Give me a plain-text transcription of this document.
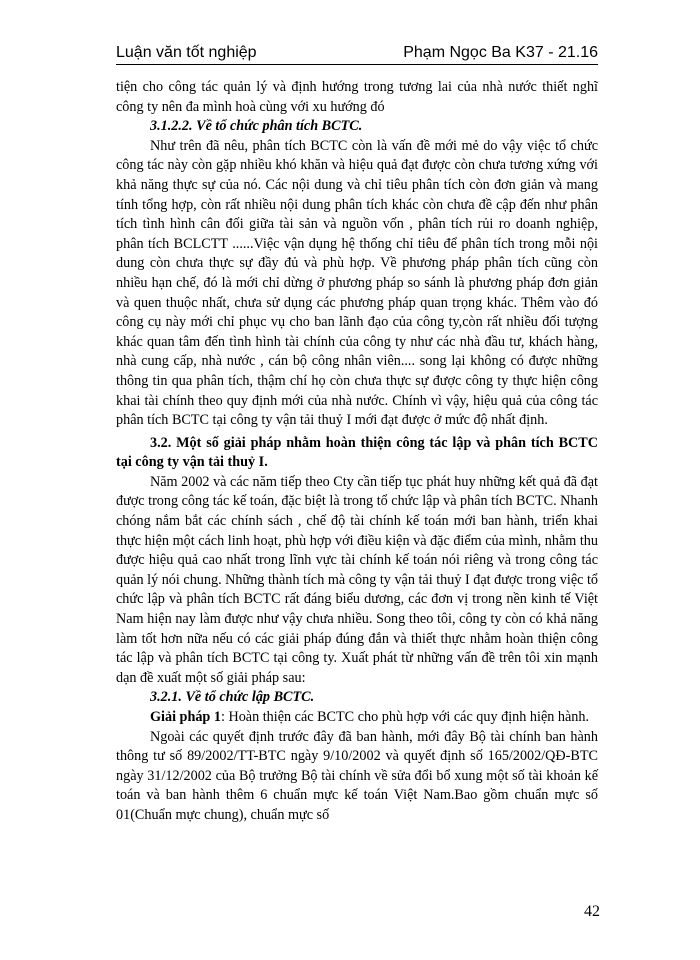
Luận văn tốt nghiệp	Phạm Ngọc Ba K37 - 21.16

tiện cho công tác quản lý và định hướng trong tương lai của nhà nước thiết nghĩ công ty nên đa mình hoà cùng với xu hướng đó

3.1.2.2. Về tổ chức phân tích BCTC.

Như trên đã nêu, phân tích BCTC còn là vấn đề mới mẻ do vậy việc tổ chức công tác này còn gặp nhiều khó khăn và hiệu quả đạt được còn chưa tương xứng với khả năng thực sự của nó. Các nội dung và chỉ tiêu phân tích còn đơn giản và mang tính tổng hợp, còn rất nhiều nội dung phân tích khác còn chưa đề cập đến như phân tích tình hình cân đối giữa tài sản và nguồn vốn , phân tích rủi ro doanh nghiệp, phân tích BCLCTT ......Việc vận dụng hệ thống chỉ tiêu để phân tích trong mỗi nội dung còn chưa thực sự đầy đủ và phù hợp. Về phương pháp phân tích cũng còn nhiều hạn chế, đó là mới chỉ dừng ở phương pháp so sánh là phương pháp đơn giản và quen thuộc nhất, chưa sử dụng các phương pháp quan trọng khác. Thêm vào đó công cụ này mới chỉ phục vụ cho ban lãnh đạo của công ty,còn rất nhiều đối tượng khác quan tâm đến tình hình tài chính của công ty như các nhà đầu tư, khách hàng, nhà cung cấp, nhà nước , cán bộ công nhân viên.... song lại không có được những thông tin qua phân tích, thậm chí họ còn chưa thực sự được công ty thực hiện công khai tài chính theo quy định mới của nhà nước. Chính vì vậy, hiệu quả của công tác phân tích BCTC tại công ty vận tải thuỷ I mới đạt được ở mức độ nhất định.

3.2. Một số giải pháp nhằm hoàn thiện công tác lập và phân tích BCTC tại công ty vận tải thuỷ I.

Năm 2002 và các năm tiếp theo Cty cần tiếp tục phát huy những kết quả đã đạt được trong công tác kế toán, đặc biệt là trong tổ chức lập và phân tích BCTC. Nhanh chóng nắm bắt các chính sách , chế độ tài chính kế toán mới ban hành, triển khai thực hiện một cách linh hoạt, phù hợp với điều kiện và đặc điểm của mình, nhằm thu được hiệu quả cao nhất trong lĩnh vực tài chính kế toán nói riêng và trong công tác quản lý nói chung. Những thành tích mà công ty vận tải thuỷ I đạt được trong việc tổ chức lập và phân tích BCTC rất đáng biểu dương, các đơn vị trong nền kinh tế Việt Nam hiện nay làm được như vậy chưa nhiều. Song theo tôi, công ty còn có khả năng làm tốt hơn nữa nếu có các giải pháp đúng đắn và thiết thực nhằm hoàn thiện công tác lập và phân tích BCTC tại công ty. Xuất phát từ những vấn đề trên tôi xin mạnh dạn đề xuất một số giải pháp sau:

3.2.1. Về tổ chức lập BCTC.

Giải pháp 1: Hoàn thiện các BCTC cho phù hợp với các quy định hiện hành.

Ngoài các quyết định trước đây đã ban hành, mới đây Bộ tài chính ban hành thông tư số 89/2002/TT-BTC ngày 9/10/2002 và quyết định số 165/2002/QĐ-BTC ngày 31/12/2002 của Bộ trưởng Bộ tài chính về sửa đổi bổ xung một số tài khoản kế toán và ban hành thêm 6 chuẩn mực kế toán Việt Nam.Bao gồm chuẩn mực số 01(Chuẩn mực chung), chuẩn mực số

42
